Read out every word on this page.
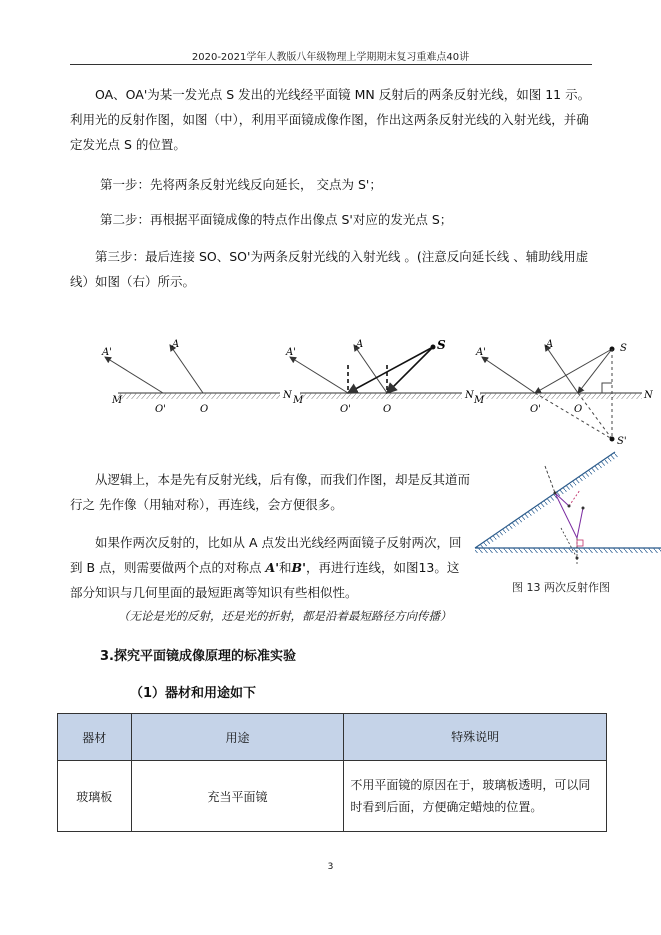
2020-2021学年人教版八年级物理上学期期末复习重难点40讲
OA、OA'为某一发光点 S 发出的光线经平面镜 MN 反射后的两条反射光线，如图 11 示。利用光的反射作图，如图（中），利用平面镜成像作图，作出这两条反射光线的入射光线，并确定发光点 S 的位置。
第一步：先将两条反射光线反向延长， 交点为 S'；
第二步：再根据平面镜成像的特点作出像点 S'对应的发光点 S；
第三步：最后连接 SO、SO'为两条反射光线的入射光线 。(注意反向延长线 、辅助线用虚线）如图（右）所示。
A'
A
M	N
O'	O
A'
A	S
M	N
O'	O
A'
A	S
S'
M	N
O'	O
图 13 两次反射作图
从逻辑上，本是先有反射光线，后有像，而我们作图，却是反其道而行之 先作像（用轴对称），再连线，会方便很多。
如果作两次反射的，比如从 A 点发出光线经两面镜子反射两次，回到 B 点，则需要做两个点的对称点 A'和B'，再进行连线，如图13。这部分知识与几何里面的最短距离等知识有些相似性。
（无论是光的反射，还是光的折射，都是沿着最短路径方向传播）
3.探究平面镜成像原理的标准实验
（1）器材和用途如下
器材	用途	特殊说明
玻璃板	充当平面镜	不用平面镜的原因在于，玻璃板透明，可以同时看到后面，方便确定蜡烛的位置。
3
